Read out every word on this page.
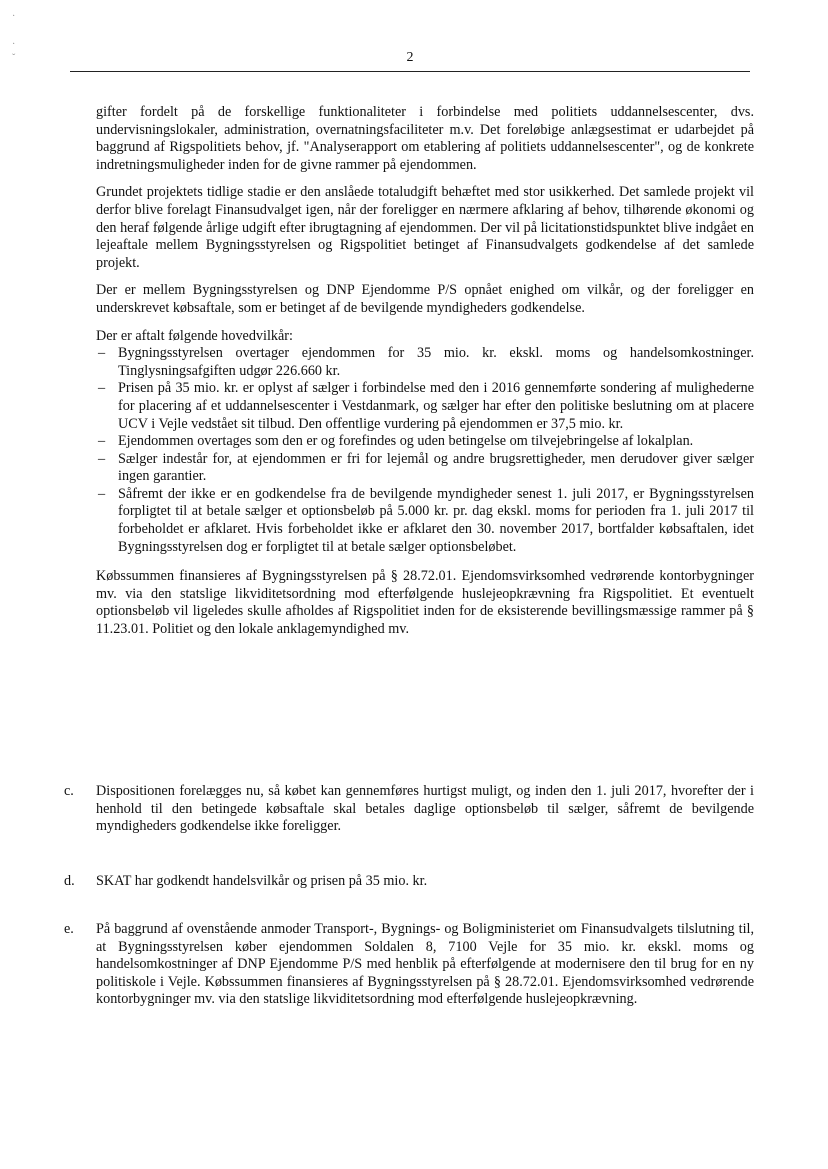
·

·
ˇ	2

gifter fordelt på de forskellige funktionaliteter i forbindelse med politiets uddannelsescenter, dvs. undervisningslokaler, administration, overnatningsfaciliteter m.v. Det foreløbige anlægsestimat er udarbejdet på baggrund af Rigspolitiets behov, jf. "Analyserapport om etablering af politiets uddannelsescenter", og de konkrete indretningsmuligheder inden for de givne rammer på ejendommen.

Grundet projektets tidlige stadie er den anslåede totaludgift behæftet med stor usikkerhed. Det samlede projekt vil derfor blive forelagt Finansudvalget igen, når der foreligger en nærmere afklaring af behov, tilhørende økonomi og den heraf følgende årlige udgift efter ibrugtagning af ejendommen. Der vil på licitationstidspunktet blive indgået en lejeaftale mellem Bygningsstyrelsen og Rigspolitiet betinget af Finansudvalgets godkendelse af det samlede projekt.

Der er mellem Bygningsstyrelsen og DNP Ejendomme P/S opnået enighed om vilkår, og der foreligger en underskrevet købsaftale, som er betinget af de bevilgende myndigheders godkendelse.

Der er aftalt følgende hovedvilkår:

– Bygningsstyrelsen overtager ejendommen for 35 mio. kr. ekskl. moms og handelsomkostninger. Tinglysningsafgiften udgør 226.660 kr.
– Prisen på 35 mio. kr. er oplyst af sælger i forbindelse med den i 2016 gennemførte sondering af mulighederne for placering af et uddannelsescenter i Vestdanmark, og sælger har efter den politiske beslutning om at placere UCV i Vejle vedstået sit tilbud. Den offentlige vurdering på ejendommen er 37,5 mio. kr.
– Ejendommen overtages som den er og forefindes og uden betingelse om tilvejebringelse af lokalplan.
– Sælger indestår for, at ejendommen er fri for lejemål og andre brugsrettigheder, men derudover giver sælger ingen garantier.
– Såfremt der ikke er en godkendelse fra de bevilgende myndigheder senest 1. juli 2017, er Bygningsstyrelsen forpligtet til at betale sælger et optionsbeløb på 5.000 kr. pr. dag ekskl. moms for perioden fra 1. juli 2017 til forbeholdet er afklaret. Hvis forbeholdet ikke er afklaret den 30. november 2017, bortfalder købsaftalen, idet Bygningsstyrelsen dog er forpligtet til at betale sælger optionsbeløbet.

Købssummen finansieres af Bygningsstyrelsen på § 28.72.01. Ejendomsvirksomhed vedrørende kontorbygninger mv. via den statslige likviditetsordning mod efterfølgende huslejeopkrævning fra Rigspolitiet. Et eventuelt optionsbeløb vil ligeledes skulle afholdes af Rigspolitiet inden for de eksisterende bevillingsmæssige rammer på § 11.23.01. Politiet og den lokale anklagemyndighed mv.

c. Dispositionen forelægges nu, så købet kan gennemføres hurtigst muligt, og inden den 1. juli 2017, hvorefter der i henhold til den betingede købsaftale skal betales daglige optionsbeløb til sælger, såfremt de bevilgende myndigheders godkendelse ikke foreligger.
d. SKAT har godkendt handelsvilkår og prisen på 35 mio. kr.
e. På baggrund af ovenstående anmoder Transport-, Bygnings- og Boligministeriet om Finansudvalgets tilslutning til, at Bygningsstyrelsen køber ejendommen Soldalen 8, 7100 Vejle for 35 mio. kr. ekskl. moms og handelsomkostninger af DNP Ejendomme P/S med henblik på efterfølgende at modernisere den til brug for en ny politiskole i Vejle. Købssummen finansieres af Bygningsstyrelsen på § 28.72.01. Ejendomsvirksomhed vedrørende kontorbygninger mv. via den statslige likviditetsordning mod efterfølgende huslejeopkrævning.
